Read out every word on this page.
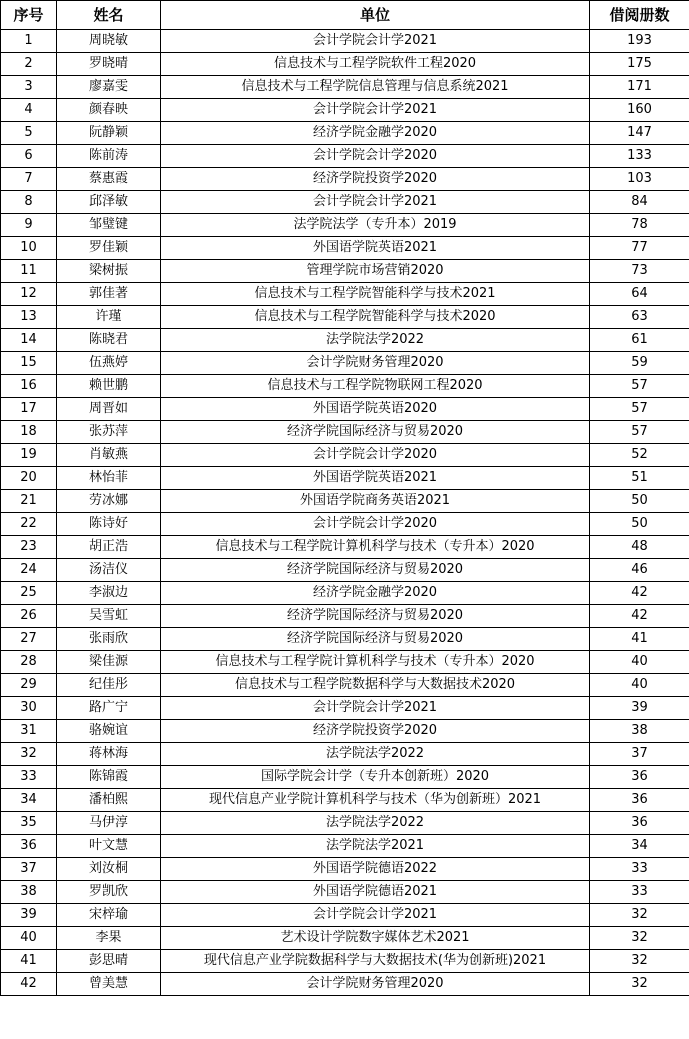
序号	姓名	单位	借阅册数
1	周晓敏	会计学院会计学2021	193
2	罗晓晴	信息技术与工程学院软件工程2020	175
3	廖嘉雯	信息技术与工程学院信息管理与信息系统2021	171
4	颜春映	会计学院会计学2021	160
5	阮静颖	经济学院金融学2020	147
6	陈前涛	会计学院会计学2020	133
7	蔡惠霞	经济学院投资学2020	103
8	邱泽敏	会计学院会计学2021	84
9	邹璧键	法学院法学（专升本）2019	78
10	罗佳颖	外国语学院英语2021	77
11	梁树振	管理学院市场营销2020	73
12	郭佳著	信息技术与工程学院智能科学与技术2021	64
13	许瑾	信息技术与工程学院智能科学与技术2020	63
14	陈晓君	法学院法学2022	61
15	伍燕婷	会计学院财务管理2020	59
16	赖世鹏	信息技术与工程学院物联网工程2020	57
17	周晋如	外国语学院英语2020	57
18	张苏萍	经济学院国际经济与贸易2020	57
19	肖敏燕	会计学院会计学2020	52
20	林怡菲	外国语学院英语2021	51
21	劳冰娜	外国语学院商务英语2021	50
22	陈诗好	会计学院会计学2020	50
23	胡正浩	信息技术与工程学院计算机科学与技术（专升本）2020	48
24	汤洁仪	经济学院国际经济与贸易2020	46
25	李淑边	经济学院金融学2020	42
26	吴雪虹	经济学院国际经济与贸易2020	42
27	张雨欣	经济学院国际经济与贸易2020	41
28	梁佳源	信息技术与工程学院计算机科学与技术（专升本）2020	40
29	纪佳彤	信息技术与工程学院数据科学与大数据技术2020	40
30	路广宁	会计学院会计学2021	39
31	骆婉谊	经济学院投资学2020	38
32	蒋林海	法学院法学2022	37
33	陈锦霞	国际学院会计学（专升本创新班）2020	36
34	潘柏熙	现代信息产业学院计算机科学与技术（华为创新班）2021	36
35	马伊淳	法学院法学2022	36
36	叶文慧	法学院法学2021	34
37	刘汝桐	外国语学院德语2022	33
38	罗凯欣	外国语学院德语2021	33
39	宋梓瑜	会计学院会计学2021	32
40	李果	艺术设计学院数字媒体艺术2021	32
41	彭思晴	现代信息产业学院数据科学与大数据技术(华为创新班)2021	32
42	曾美慧	会计学院财务管理2020	32
